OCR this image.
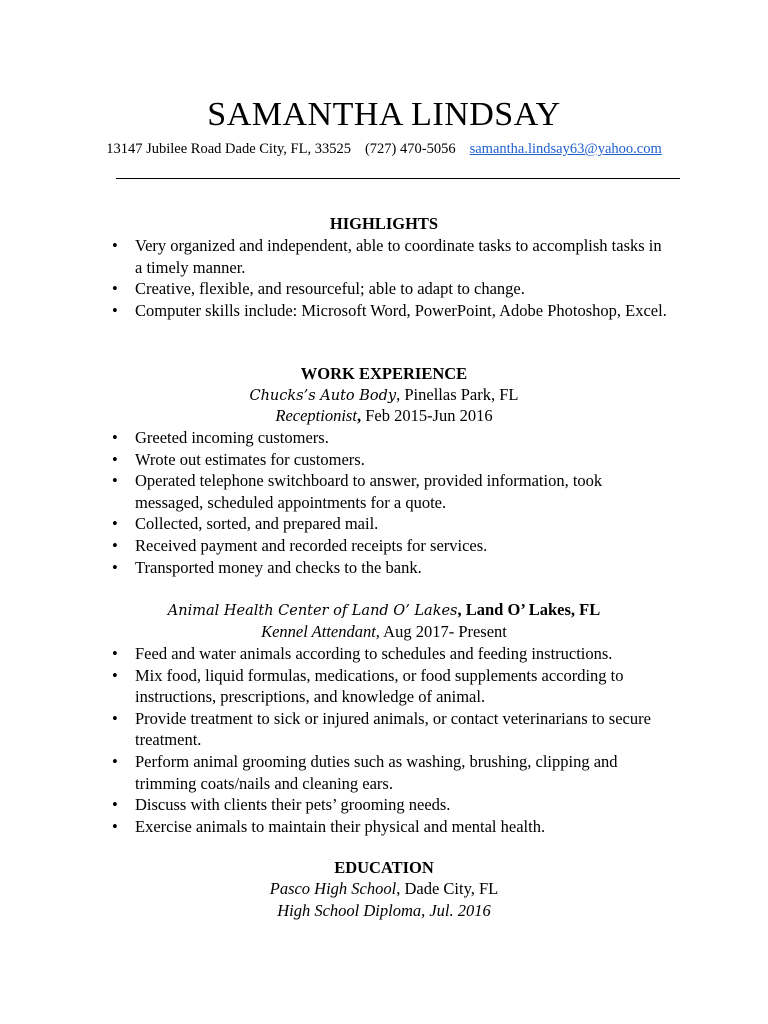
SAMANTHA LINDSAY
13147 Jubilee Road Dade City, FL, 33525 (727) 470-5056 samantha.lindsay63@yahoo.com
HIGHLIGHTS
• Very organized and independent, able to coordinate tasks to accomplish tasks in a timely manner.
• Creative, flexible, and resourceful; able to adapt to change.
• Computer skills include: Microsoft Word, PowerPoint, Adobe Photoshop, Excel.
WORK EXPERIENCE
Chucks’s Auto Body, Pinellas Park, FL
Receptionist, Feb 2015-Jun 2016
• Greeted incoming customers.
• Wrote out estimates for customers.
• Operated telephone switchboard to answer, provided information, took messaged, scheduled appointments for a quote.
• Collected, sorted, and prepared mail.
• Received payment and recorded receipts for services.
• Transported money and checks to the bank.
Animal Health Center of Land O’ Lakes, Land O’ Lakes, FL
Kennel Attendant, Aug 2017- Present
• Feed and water animals according to schedules and feeding instructions.
• Mix food, liquid formulas, medications, or food supplements according to instructions, prescriptions, and knowledge of animal.
• Provide treatment to sick or injured animals, or contact veterinarians to secure treatment.
• Perform animal grooming duties such as washing, brushing, clipping and trimming coats/nails and cleaning ears.
• Discuss with clients their pets’ grooming needs.
• Exercise animals to maintain their physical and mental health.
EDUCATION
Pasco High School, Dade City, FL
High School Diploma, Jul. 2016
